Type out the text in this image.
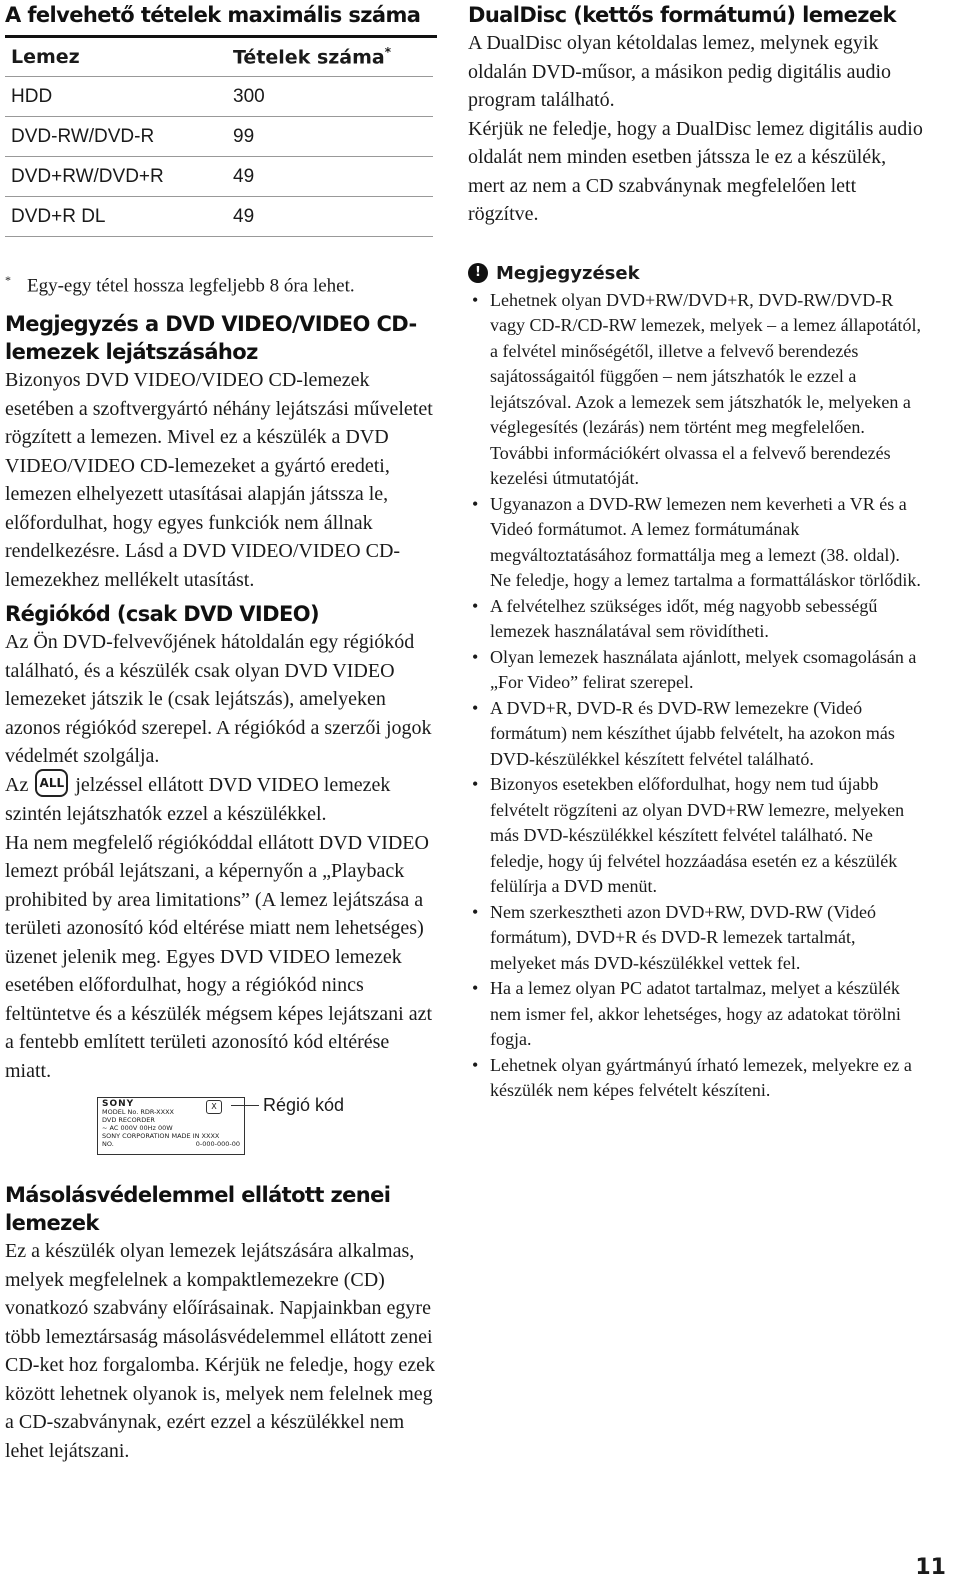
A felvehető tételek maximális száma
Lemez	Tételek száma*
HDD	300
DVD-RW/DVD-R	99
DVD+RW/DVD+R	49
DVD+R DL	49
* Egy-egy tétel hossza legfeljebb 8 óra lehet.
Megjegyzés a DVD VIDEO/VIDEO CD-lemezek lejátszásához

Bizonyos DVD VIDEO/VIDEO CD-lemezek esetében a szoftvergyártó néhány lejátszási műveletet rögzített a lemezen. Mivel ez a készülék a DVD VIDEO/VIDEO CD-lemezeket a gyártó eredeti, lemezen elhelyezett utasításai alapján játssza le, előfordulhat, hogy egyes funkciók nem állnak rendelkezésre. Lásd a DVD VIDEO/VIDEO CD-lemezekhez mellékelt utasítást.

Régiókód (csak DVD VIDEO)

Az Ön DVD-felvevőjének hátoldalán egy régiókód található, és a készülék csak olyan DVD VIDEO lemezeket játszik le (csak lejátszás), amelyeken azonos régiókód szerepel. A régiókód a szerzői jogok védelmét szolgálja.

Az ALL jelzéssel ellátott DVD VIDEO lemezek szintén lejátszhatók ezzel a készülékkel.

Ha nem megfelelő régiókóddal ellátott DVD VIDEO lemezt próbál lejátszani, a képernyőn a „Playback prohibited by area limitations” (A lemez lejátszása a területi azonosító kód eltérése miatt nem lehetséges) üzenet jelenik meg. Egyes DVD VIDEO lemezek esetében előfordulhat, hogy a régiókód nincs feltüntetve és a készülék mégsem képes lejátszani azt a fentebb említett területi azonosító kód eltérése miatt.

SONY
MODEL No. RDR-XXXX
DVD RECORDER
~ AC 000V 00Hz 00W
SONY CORPORATION MADE IN XXXX
NO.	0-000-000-00
X	Régió kód
Másolásvédelemmel ellátott zenei lemezek

Ez a készülék olyan lemezek lejátszására alkalmas, melyek megfelelnek a kompaktlemezekre (CD) vonatkozó szabvány előírásainak. Napjainkban egyre több lemeztársaság másolásvédelemmel ellátott zenei CD-ket hoz forgalomba. Kérjük ne feledje, hogy ezek között lehetnek olyanok is, melyek nem felelnek meg a CD-szabványnak, ezért ezzel a készülékkel nem lehet lejátszani.

DualDisc (kettős formátumú) lemezek

A DualDisc olyan kétoldalas lemez, melynek egyik oldalán DVD-műsor, a másikon pedig digitális audio program található.

Kérjük ne feledje, hogy a DualDisc lemez digitális audio oldalát nem minden esetben játssza le ez a készülék, mert az nem a CD szabványnak megfelelően lett rögzítve.

! Megjegyzések
• Lehetnek olyan DVD+RW/DVD+R, DVD-RW/DVD-R vagy CD-R/CD-RW lemezek, melyek – a lemez állapotától, a felvétel minőségétől, illetve a felvevő berendezés sajátosságaitól függően – nem játszhatók le ezzel a lejátszóval. Azok a lemezek sem játszhatók le, melyeken a véglegesítés (lezárás) nem történt meg megfelelően. További információkért olvassa el a felvevő berendezés kezelési útmutatóját.
• Ugyanazon a DVD-RW lemezen nem keverheti a VR és a Videó formátumot. A lemez formátumának megváltoztatásához formattálja meg a lemezt (38. oldal). Ne feledje, hogy a lemez tartalma a formattáláskor törlődik.
• A felvételhez szükséges időt, még nagyobb sebességű lemezek használatával sem rövidítheti.
• Olyan lemezek használata ajánlott, melyek csomagolásán a „For Video” felirat szerepel.
• A DVD+R, DVD-R és DVD-RW lemezekre (Videó formátum) nem készíthet újabb felvételt, ha azokon más DVD-készülékkel készített felvétel található.
• Bizonyos esetekben előfordulhat, hogy nem tud újabb felvételt rögzíteni az olyan DVD+RW lemezre, melyeken más DVD-készülékkel készített felvétel található. Ne feledje, hogy új felvétel hozzáadása esetén ez a készülék felülírja a DVD menüt.
• Nem szerkesztheti azon DVD+RW, DVD-RW (Videó formátum), DVD+R és DVD-R lemezek tartalmát, melyeket más DVD-készülékkel vettek fel.
• Ha a lemez olyan PC adatot tartalmaz, melyet a készülék nem ismer fel, akkor lehetséges, hogy az adatokat törölni fogja.
• Lehetnek olyan gyártmányú írható lemezek, melyekre ez a készülék nem képes felvételt készíteni.
11
